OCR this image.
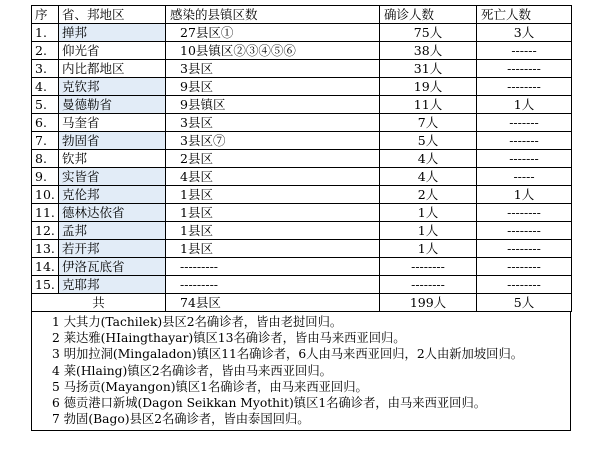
序	省、邦地区	感染的县镇区数	确诊人数	死亡人数
1.	掸邦	27县区①	75人	3人
2.	仰光省	10县镇区②③④⑤⑥	38人	------
3.	内比都地区	3县区	31人	--------
4.	克钦邦	9县区	19人	--------
5.	曼德勒省	9县镇区	11人	1人
6.	马奎省	3县区	7人	-------
7.	勃固省	3县区⑦	5人	-------
8.	钦邦	2县区	4人	-------
9.	实皆省	4县区	4人	-----
10.	克伦邦	1县区	2人	1人
11.	德林达依省	1县区	1人	--------
12.	孟邦	1县区	1人	--------
13.	若开邦	1县区	1人	--------
14.	伊洛瓦底省	---------	--------	--------
15.	克耶邦	---------	--------	--------
共		74县区	199人	5人
1 大其力(Tachilek)县区2名确诊者，皆由老挝回归。
2 莱达雅(HIaingthayar)镇区13名确诊者，皆由马来西亚回归。
3 明加拉洞(Mingaladon)镇区11名确诊者，6人由马来西亚回归，2人由新加坡回归。
4 莱(Hlaing)镇区2名确诊者，皆由马来西亚回归。
5 马扬贡(Mayangon)镇区1名确诊者，由马来西亚回归。
6 德贡港口新城(Dagon Seikkan Myothit)镇区1名确诊者，由马来西亚回归。
7 勃固(Bago)县区2名确诊者，皆由泰国回归。
